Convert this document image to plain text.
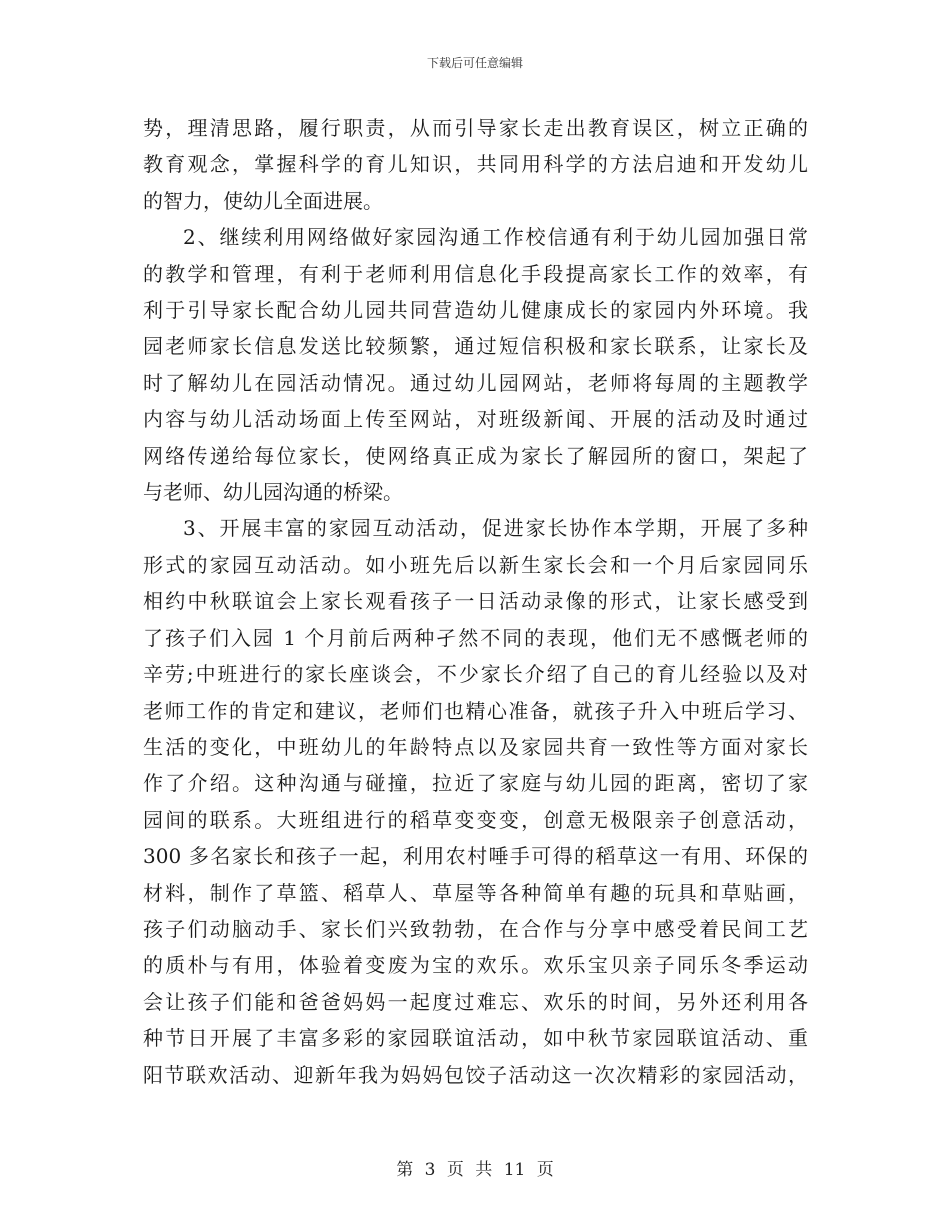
下载后可任意编辑
势，理清思路，履行职责，从而引导家长走出教育误区，树立正确的
教育观念，掌握科学的育儿知识，共同用科学的方法启迪和开发幼儿
的智力，使幼儿全面进展。
2、继续利用网络做好家园沟通工作校信通有利于幼儿园加强日常
的教学和管理，有利于老师利用信息化手段提高家长工作的效率，有
利于引导家长配合幼儿园共同营造幼儿健康成长的家园内外环境。我
园老师家长信息发送比较频繁，通过短信积极和家长联系，让家长及
时了解幼儿在园活动情况。通过幼儿园网站，老师将每周的主题教学
内容与幼儿活动场面上传至网站，对班级新闻、开展的活动及时通过
网络传递给每位家长，使网络真正成为家长了解园所的窗口，架起了
与老师、幼儿园沟通的桥梁。
3、开展丰富的家园互动活动，促进家长协作本学期，开展了多种
形式的家园互动活动。如小班先后以新生家长会和一个月后家园同乐
相约中秋联谊会上家长观看孩子一日活动录像的形式，让家长感受到
了孩子们入园 1 个月前后两种孑然不同的表现，他们无不感慨老师的
辛劳;中班进行的家长座谈会，不少家长介绍了自己的育儿经验以及对
老师工作的肯定和建议，老师们也精心准备，就孩子升入中班后学习、
生活的变化，中班幼儿的年龄特点以及家园共育一致性等方面对家长
作了介绍。这种沟通与碰撞，拉近了家庭与幼儿园的距离，密切了家
园间的联系。大班组进行的稻草变变变，创意无极限亲子创意活动，
300 多名家长和孩子一起，利用农村唾手可得的稻草这一有用、环保的
材料，制作了草篮、稻草人、草屋等各种简单有趣的玩具和草贴画，
孩子们动脑动手、家长们兴致勃勃，在合作与分享中感受着民间工艺
的质朴与有用，体验着变废为宝的欢乐。欢乐宝贝亲子同乐冬季运动
会让孩子们能和爸爸妈妈一起度过难忘、欢乐的时间，另外还利用各
种节日开展了丰富多彩的家园联谊活动，如中秋节家园联谊活动、重
阳节联欢活动、迎新年我为妈妈包饺子活动这一次次精彩的家园活动，
第 3 页 共 11 页
